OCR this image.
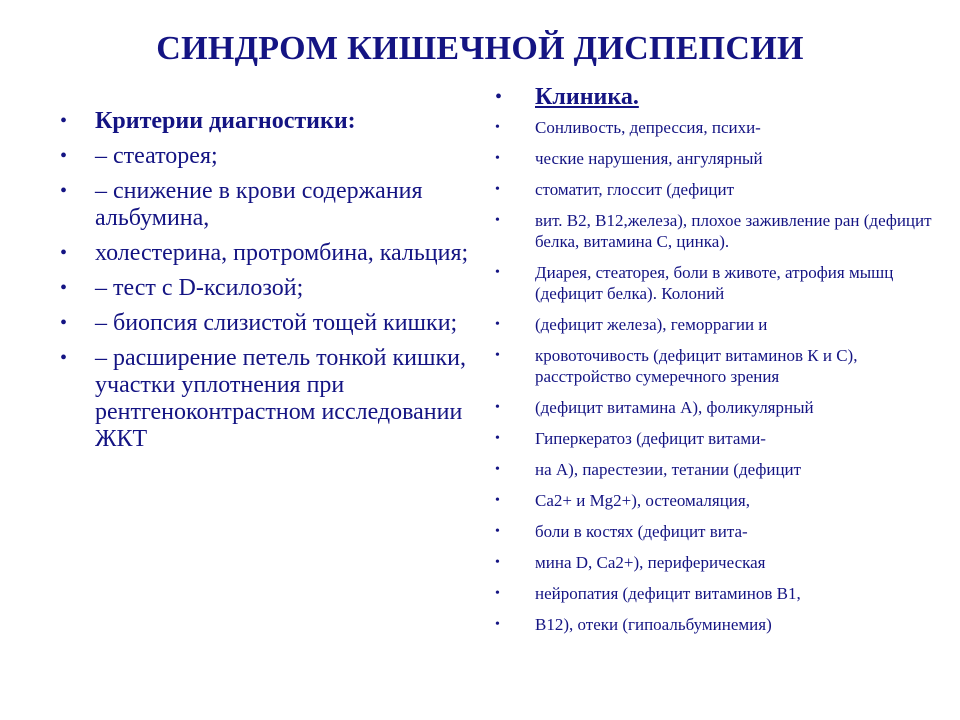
СИНДРОМ КИШЕЧНОЙ ДИСПЕПСИИ
• Критерии диагностики:
• – стеаторея;
• – снижение в крови содержания альбумина,
• холестерина, протромбина, кальция;
• – тест с D-ксилозой;
• – биопсия слизистой тощей кишки;
• – расширение петель тонкой кишки, участки уплотнения при рентгеноконтрастном исследовании ЖКТ
• Клиника.
• Сонливость, депрессия, психи-
• ческие нарушения, ангулярный
• стоматит, глоссит (дефицит
• вит. В2, В12,железа), плохое заживление ран (дефицит белка, витамина С, цинка).
• Диарея, стеаторея, боли в животе, атрофия мышц (дефицит белка). Колоний
• (дефицит железа), геморрагии и
• кровоточивость (дефицит витаминов К и С), расстройство сумеречного зрения
• (дефицит витамина А), фоликулярный
• Гиперкератоз (дефицит витами-
• на А), парестезии, тетании (дефицит
• Са2+ и Мg2+), остеомаляция,
• боли в костях (дефицит вита-
• мина D, Са2+), периферическая
• нейропатия (дефицит витаминов В1,
• В12), отеки (гипоальбуминемия)
